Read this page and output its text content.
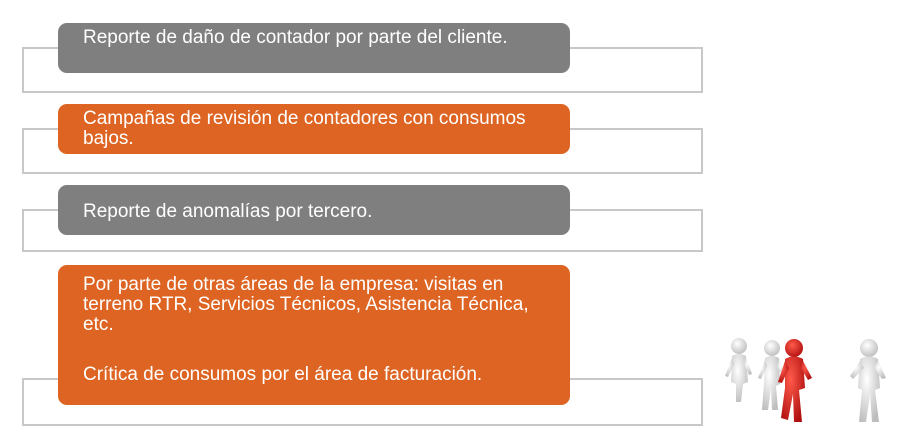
Reporte de daño de contador por parte del cliente.

Campañas de revisión de contadores con consumos bajos.

Reporte de anomalías por tercero.

Por parte de otras áreas de la empresa: visitas en terreno RTR, Servicios Técnicos, Asistencia Técnica, etc.

Crítica de consumos por el área de facturación.
